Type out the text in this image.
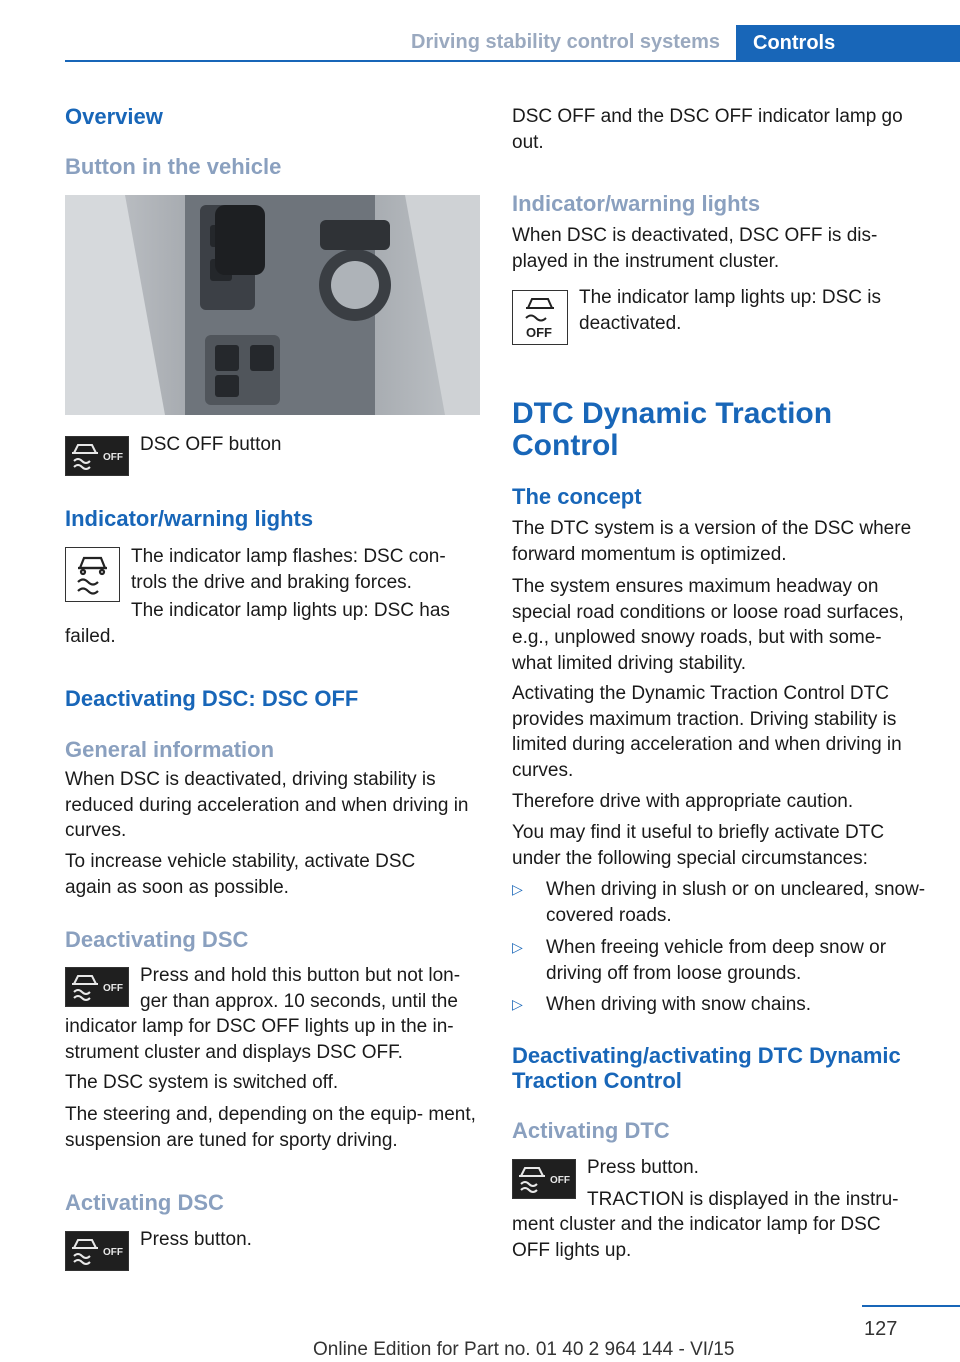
Driving stability control systems Controls
Overview
Button in the vehicle
OFF
DSC OFF button
Indicator/warning lights
The indicator lamp flashes: DSC con- trols the drive and braking forces.
The indicator lamp lights up: DSC has
failed.
Deactivating DSC: DSC OFF
General information
When DSC is deactivated, driving stability is reduced during acceleration and when driving in curves.
To increase vehicle stability, activate DSC again as soon as possible.
Deactivating DSC
OFF
Press and hold this button but not lon- ger than approx. 10 seconds, until the
indicator lamp for DSC OFF lights up in the in- strument cluster and displays DSC OFF.
The DSC system is switched off.
The steering and, depending on the equip- ment, suspension are tuned for sporty driving.
Activating DSC
OFF
Press button.
DSC OFF and the DSC OFF indicator lamp go out.
Indicator/warning lights
When DSC is deactivated, DSC OFF is dis- played in the instrument cluster.
OFF
The indicator lamp lights up: DSC is deactivated.
DTC Dynamic Traction
Control
The concept
The DTC system is a version of the DSC where forward momentum is optimized.
The system ensures maximum headway on special road conditions or loose road surfaces, e.g., unplowed snowy roads, but with some- what limited driving stability.
Activating the Dynamic Traction Control DTC provides maximum traction. Driving stability is limited during acceleration and when driving in curves.
Therefore drive with appropriate caution.
You may find it useful to briefly activate DTC under the following special circumstances:
▷ When driving in slush or on uncleared, snow-covered roads.
▷ When freeing vehicle from deep snow or driving off from loose grounds.
▷ When driving with snow chains.
Deactivating/activating DTC Dynamic Traction Control
Activating DTC
OFF
Press button.
TRACTION is displayed in the instru-
ment cluster and the indicator lamp for DSC OFF lights up.
127
Online Edition for Part no. 01 40 2 964 144 - VI/15
